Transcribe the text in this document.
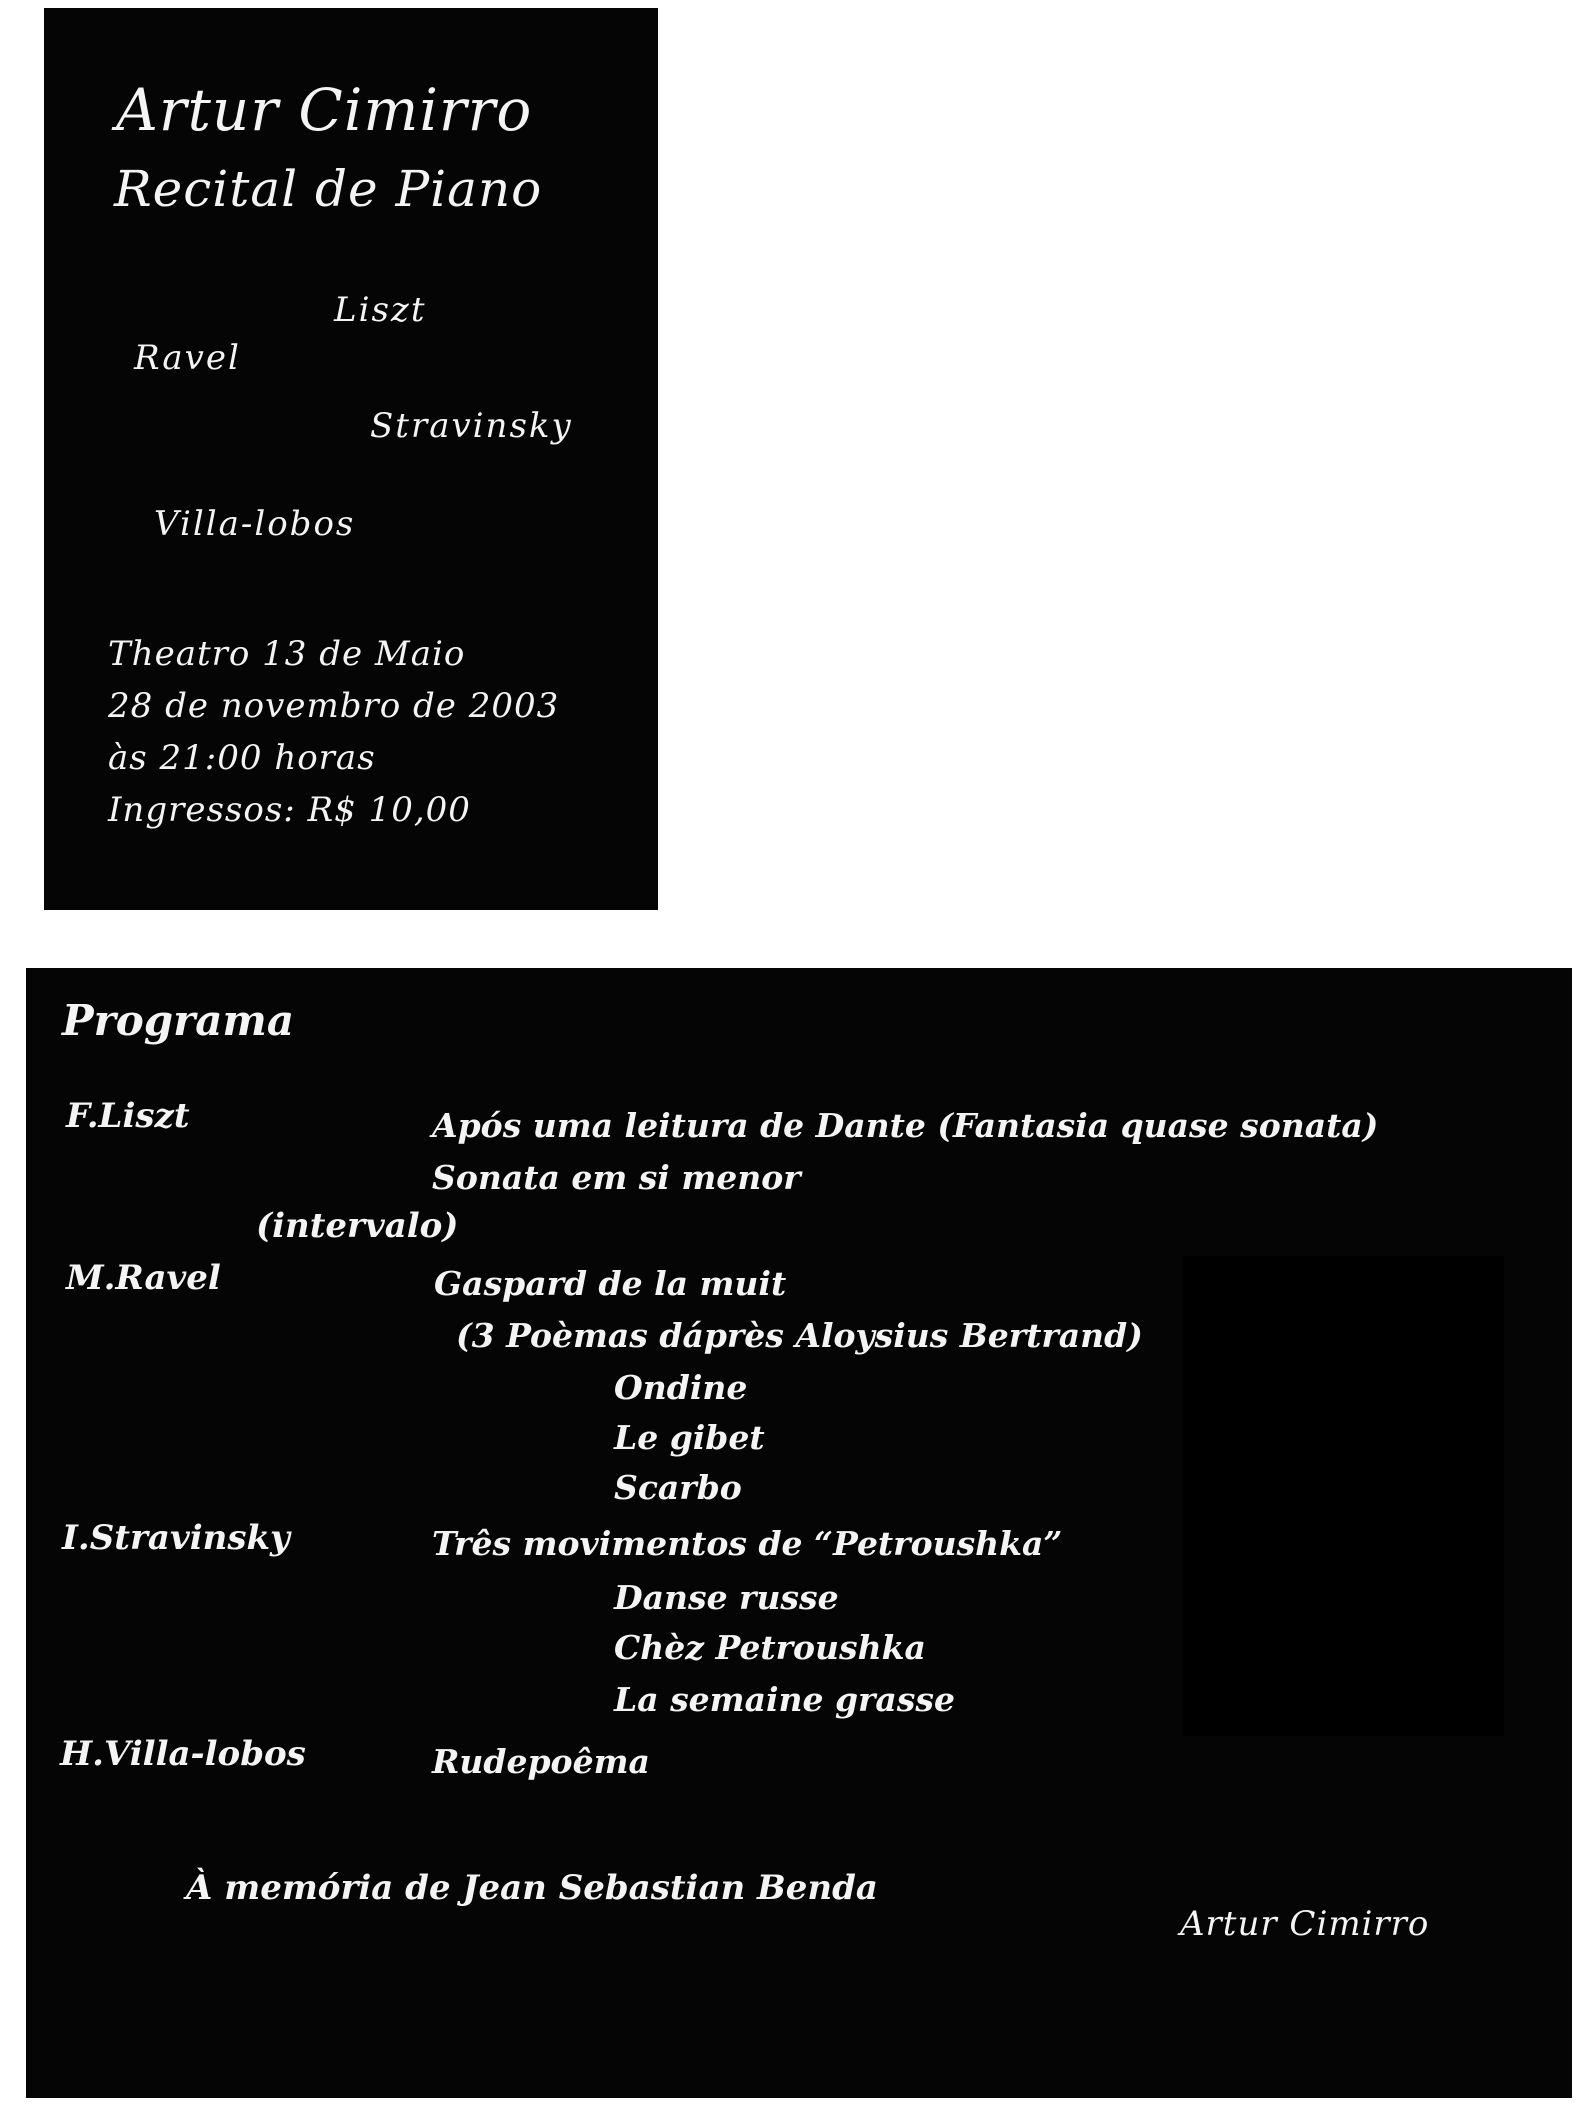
Artur Cimirro
Recital de Piano
Liszt
Ravel
Stravinsky
Villa-lobos
Theatro 13 de Maio
28 de novembro de 2003
às 21:00 horas
Ingressos: R$ 10,00
Programa
F.Liszt	Após uma leitura de Dante (Fantasia quase sonata)
Sonata em si menor
(intervalo)
M.Ravel	Gaspard de la muit
(3 Poèmas dáprès Aloysius Bertrand)
Ondine
Le gibet
Scarbo
I.Stravinsky	Três movimentos de “Petroushka”
Danse russe
Chèz Petroushka
La semaine grasse
H.Villa-lobos	Rudepoêma
À memória de Jean Sebastian Benda
Artur Cimirro
